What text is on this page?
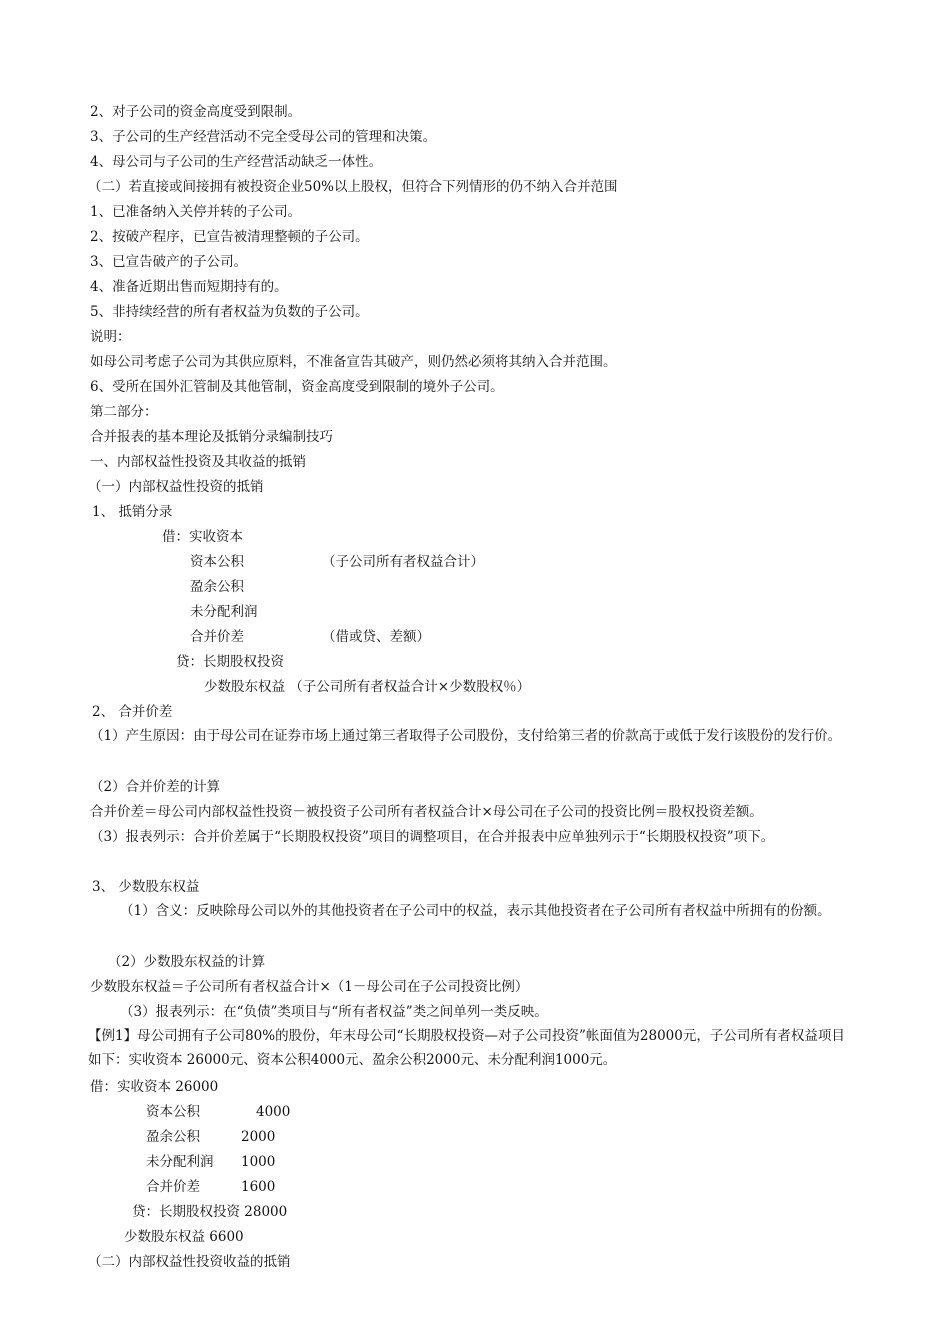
2、对子公司的资金高度受到限制。
3、子公司的生产经营活动不完全受母公司的管理和决策。
4、母公司与子公司的生产经营活动缺乏一体性。
（二）若直接或间接拥有被投资企业50%以上股权，但符合下列情形的仍不纳入合并范围
1、已准备纳入关停并转的子公司。
2、按破产程序，已宣告被清理整顿的子公司。
3、已宣告破产的子公司。
4、准备近期出售而短期持有的。
5、非持续经营的所有者权益为负数的子公司。
说明：
如母公司考虑子公司为其供应原料，不准备宣告其破产，则仍然必须将其纳入合并范围。
6、受所在国外汇管制及其他管制，资金高度受到限制的境外子公司。
第二部分：
合并报表的基本理论及抵销分录编制技巧
一、内部权益性投资及其收益的抵销
（一）内部权益性投资的抵销
1、 抵销分录
借：实收资本
资本公积	（子公司所有者权益合计）
盈余公积
未分配利润
合并价差	（借或贷、差额）
贷：长期股权投资
少数股东权益 （子公司所有者权益合计×少数股权％）
2、 合并价差
（1）产生原因：由于母公司在证券市场上通过第三者取得子公司股份，支付给第三者的价款高于或低于发行该股份的发行价。
（2）合并价差的计算
合并价差＝母公司内部权益性投资－被投资子公司所有者权益合计×母公司在子公司的投资比例＝股权投资差额。
（3）报表列示：合并价差属于“长期股权投资”项目的调整项目，在合并报表中应单独列示于“长期股权投资”项下。
3、 少数股东权益
（1）含义：反映除母公司以外的其他投资者在子公司中的权益，表示其他投资者在子公司所有者权益中所拥有的份额。
（2）少数股东权益的计算
少数股东权益＝子公司所有者权益合计×（1－母公司在子公司投资比例）
（3）报表列示：在“负债”类项目与“所有者权益”类之间单列一类反映。
【例1】母公司拥有子公司80%的股份，年末母公司“长期股权投资—对子公司投资”帐面值为28000元，子公司所有者权益项目如下：实收资本 26000元、资本公积4000元、盈余公积2000元、未分配利润1000元。
借：实收资本 26000
资本公积	4000
盈余公积	2000
未分配利润 1000
合并价差	1600
贷：长期股权投资 28000
少数股东权益 6600
（二）内部权益性投资收益的抵销
